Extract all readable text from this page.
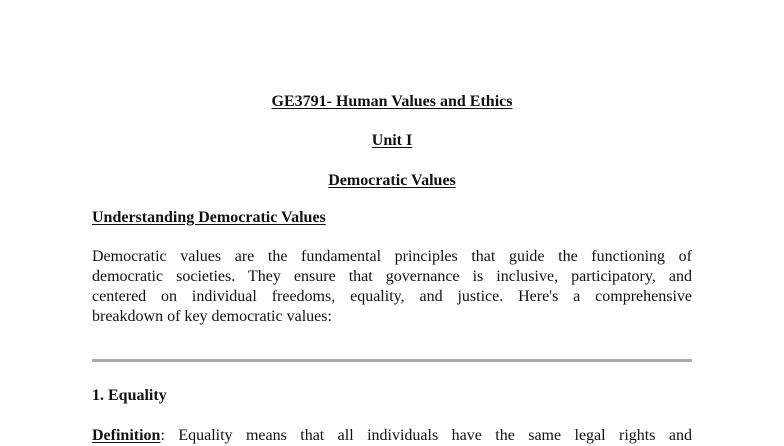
GE3791- Human Values and Ethics
Unit I
Democratic Values
Understanding Democratic Values
Democratic values are the fundamental principles that guide the functioning of
democratic societies. They ensure that governance is inclusive, participatory, and
centered on individual freedoms, equality, and justice. Here's a comprehensive
breakdown of key democratic values:
1. Equality
Definition: Equality means that all individuals have the same legal rights and
